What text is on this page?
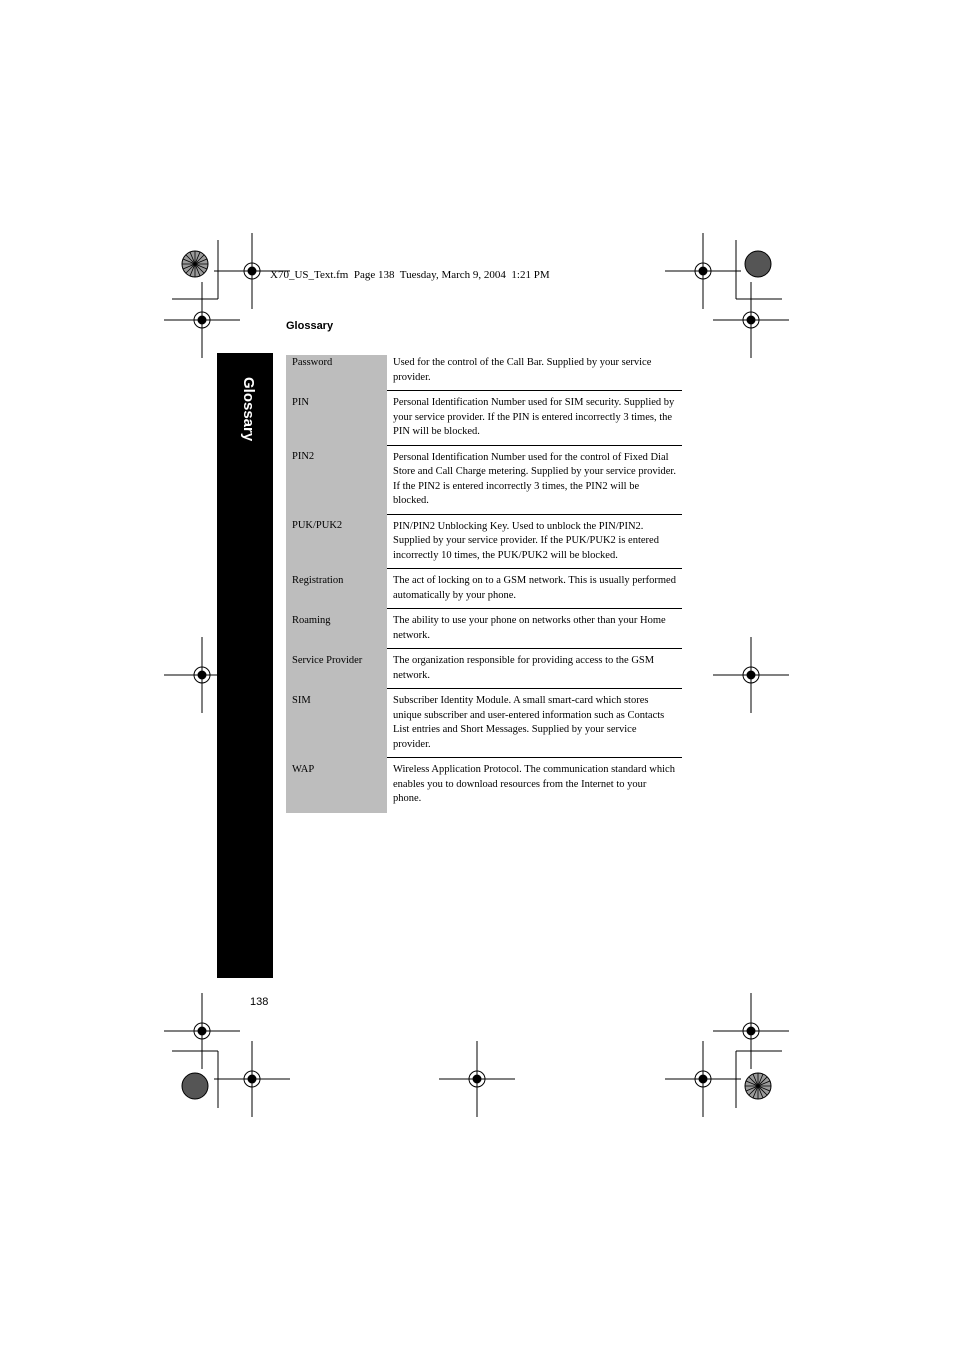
X70_US_Text.fm  Page 138  Tuesday, March 9, 2004  1:21 PM
Glossary
Glossary
Password	Used for the control of the Call Bar. Supplied by your service provider.
PIN	Personal Identification Number used for SIM security. Supplied by your service provider. If the PIN is entered incorrectly 3 times, the PIN will be blocked.
PIN2	Personal Identification Number used for the control of Fixed Dial Store and Call Charge metering. Supplied by your service provider. If the PIN2 is entered incorrectly 3 times, the PIN2 will be blocked.
PUK/PUK2	PIN/PIN2 Unblocking Key. Used to unblock the PIN/PIN2. Supplied by your service provider. If the PUK/PUK2 is entered incorrectly 10 times, the PUK/PUK2 will be blocked.
Registration	The act of locking on to a GSM network. This is usually performed automatically by your phone.
Roaming	The ability to use your phone on networks other than your Home network.
Service Provider	The organization responsible for providing access to the GSM network.
SIM	Subscriber Identity Module. A small smart-card which stores unique subscriber and user-entered information such as Contacts List entries and Short Messages. Supplied by your service provider.
WAP	Wireless Application Protocol. The communication standard which enables you to download resources from the Internet to your phone.
138
